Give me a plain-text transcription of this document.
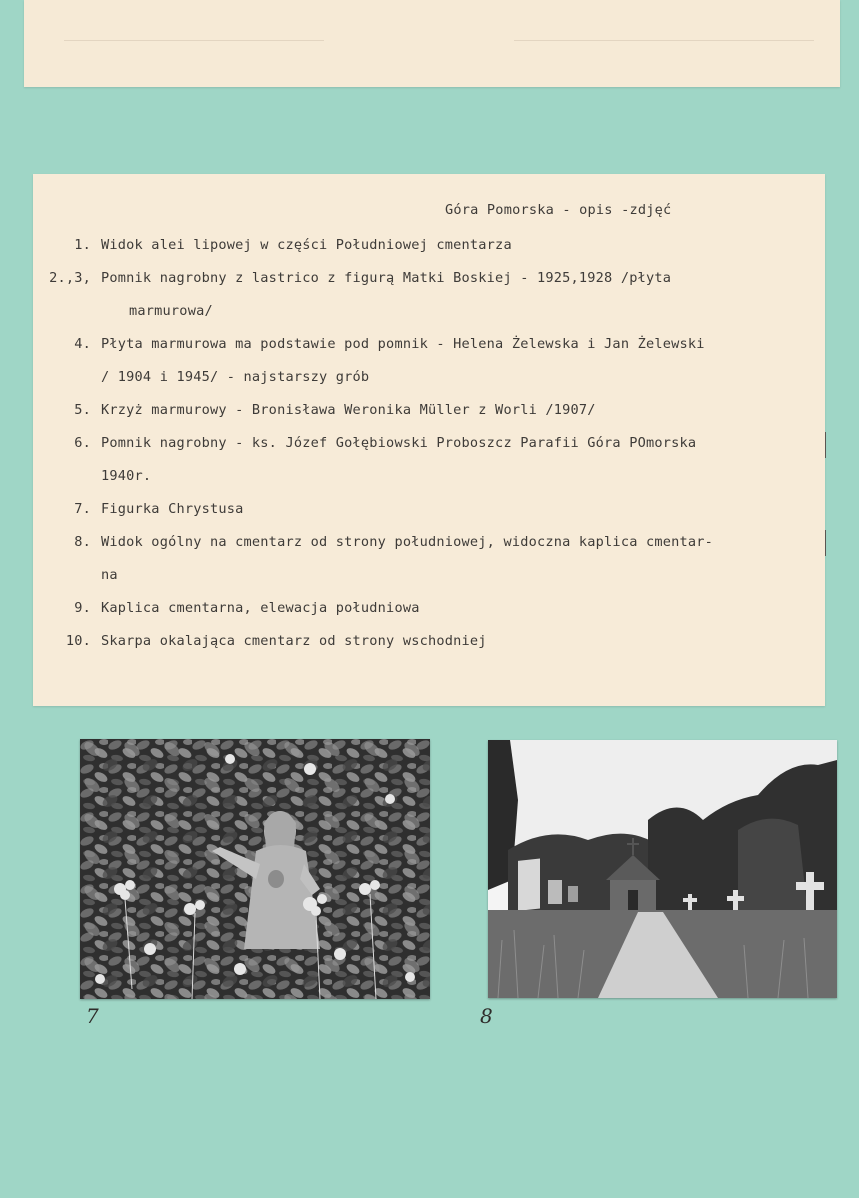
Góra Pomorska - opis -zdjęć
1. Widok alei lipowej w części Południowej cmentarza
2.,3, Pomnik nagrobny z lastrico z figurą Matki Boskiej - 1925,1928 /płyta
marmurowa/
4. Płyta marmurowa ma podstawie pod pomnik - Helena Żelewska i Jan Żelewski
/ 1904 i 1945/ - najstarszy grób
5. Krzyż marmurowy - Bronisława Weronika Müller z Worli /1907/
6. Pomnik nagrobny - ks. Józef Gołębiowski Proboszcz Parafii Góra POmorska
1940r.
7. Figurka Chrystusa
8. Widok ogólny na cmentarz od strony południowej, widoczna kaplica cmentar-
na
9. Kaplica cmentarna, elewacja południowa
10. Skarpa okalająca cmentarz od strony wschodniej
7	8
